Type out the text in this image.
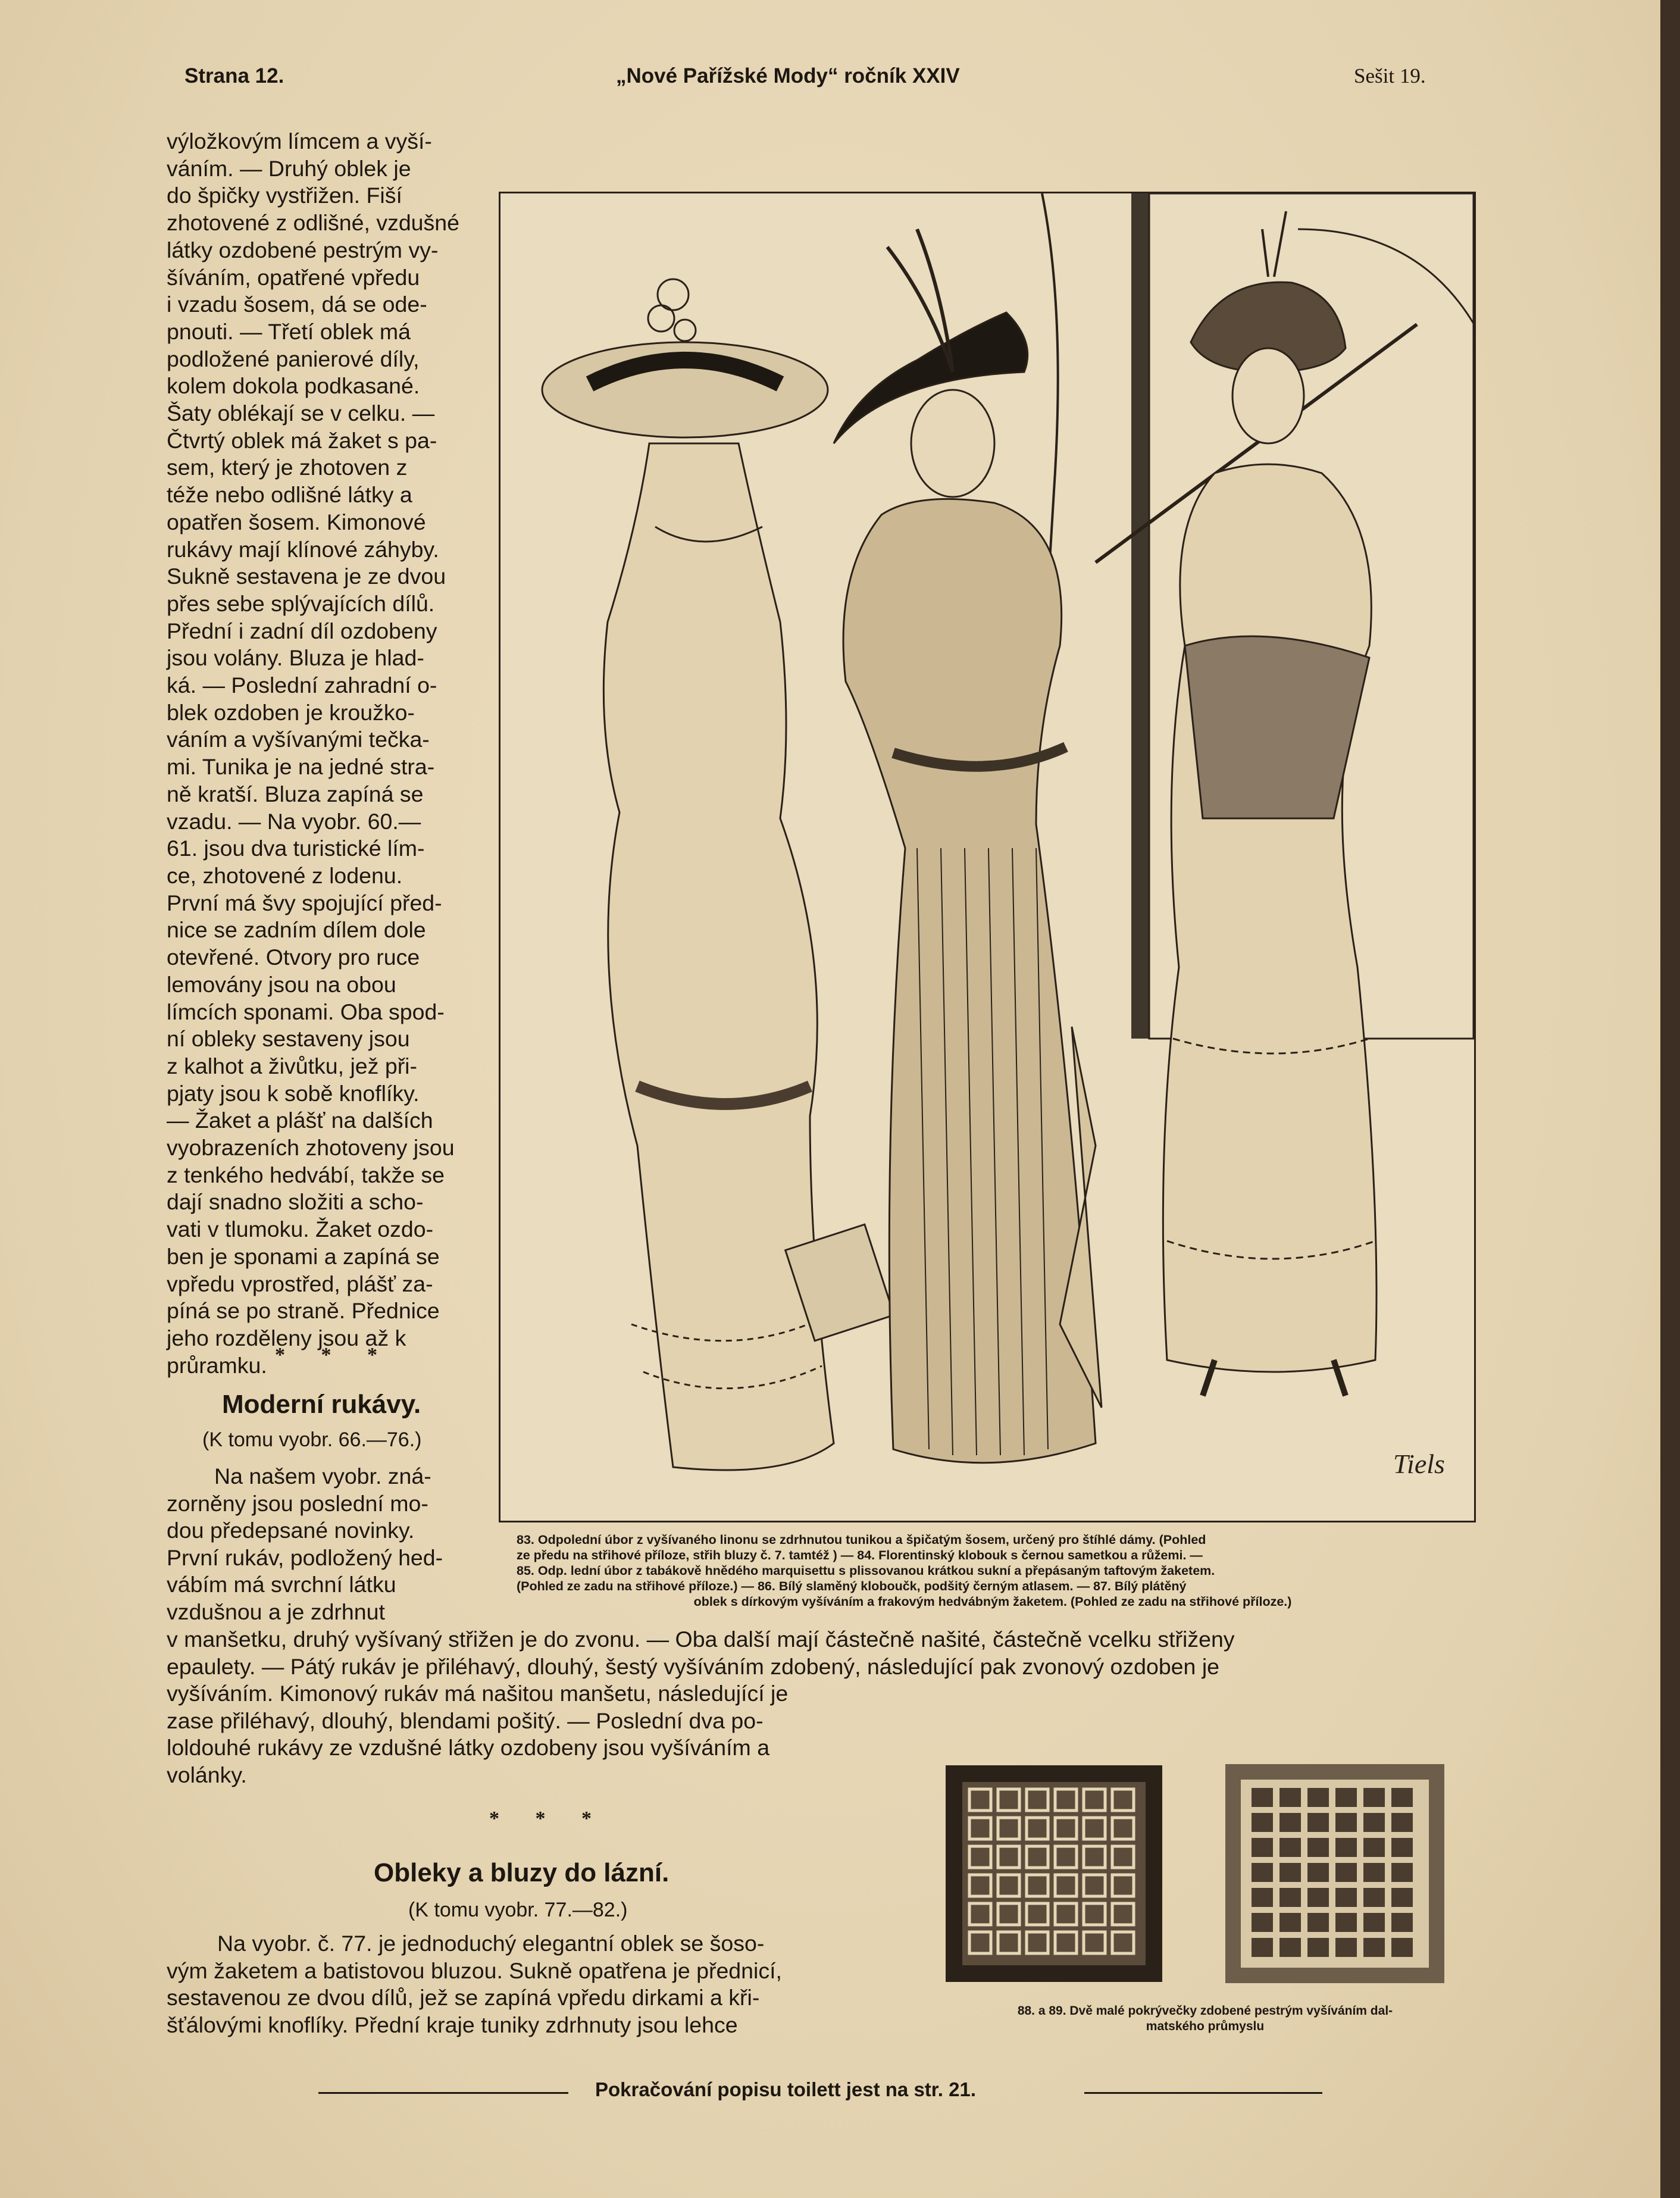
Strana 12.	„Nové Pařížské Mody“ ročník XXIV	Sešit 19.

výložkovým límcem a vyší-

váním. — Druhý oblek je

do špičky vystřižen. Fiší

zhotovené z odlišné, vzdušné

látky ozdobené pestrým vy-

šíváním, opatřené vpředu

i vzadu šosem, dá se ode-

pnouti. — Třetí oblek má

podložené panierové díly,

kolem dokola podkasané.

Šaty oblékají se v celku. —

Čtvrtý oblek má žaket s pa-

sem, který je zhotoven z

téže nebo odlišné látky a

opatřen šosem. Kimonové

rukávy mají klínové záhyby.

Sukně sestavena je ze dvou

přes sebe splývajících dílů.

Přední i zadní díl ozdobeny

jsou volány. Bluza je hlad-

ká. — Poslední zahradní o-

blek ozdoben je kroužko-

váním a vyšívanými tečka-

mi. Tunika je na jedné stra-

ně kratší. Bluza zapíná se

vzadu. — Na vyobr. 60.—

61. jsou dva turistické lím-

ce, zhotovené z lodenu.

První má švy spojující před-

nice se zadním dílem dole

otevřené. Otvory pro ruce

lemovány jsou na obou

límcích sponami. Oba spod-

ní obleky sestaveny jsou

z kalhot a živůtku, jež při-

pjaty jsou k sobě knoflíky.

— Žaket a plášť na dalších

vyobrazeních zhotoveny jsou

z tenkého hedvábí, takže se

dají snadno složiti a scho-

vati v tlumoku. Žaket ozdo-

ben je sponami a zapíná se

vpředu vprostřed, plášť za-

píná se po straně. Přednice

jeho rozděleny jsou až k

průramku. * * *
Moderní rukávy.
(K tomu vyobr. 66.—76.)

Na našem vyobr. zná-

zorněny jsou poslední mo-

dou předepsané novinky.

První rukáv, podložený hed-

vábím má svrchní látku

vzdušnou a je zdrhnut

v manšetku, druhý vyšívaný střižen je do zvonu. — Oba další mají částečně našité, částečně vcelku střiženy

epaulety. — Pátý rukáv je přiléhavý, dlouhý, šestý vyšíváním zdobený, následující pak zvonový ozdoben je

vyšíváním. Kimonový rukáv má našitou manšetu, následující je

zase přiléhavý, dlouhý, blendami pošitý. — Poslední dva po-

loldouhé rukávy ze vzdušné látky ozdobeny jsou vyšíváním a

volánky.

* * *
Obleky a bluzy do lázní.
(K tomu vyobr. 77.—82.)

Na vyobr. č. 77. je jednoduchý elegantní oblek se šoso-

vým žaketem a batistovou bluzou. Sukně opatřena je přednicí,

sestavenou ze dvou dílů, jež se zapíná vpředu dirkami a kři-

šťálovými knoflíky. Přední kraje tuniky zdrhnuty jsou lehce

Tiels
83. Odpolední úbor z vyšívaného linonu se zdrhnutou tunikou a špičatým šosem, určený pro štíhlé dámy. (Pohled
ze předu na střihové příloze, střih bluzy č. 7. tamtéž ) — 84. Florentinský klobouk s černou sametkou a růžemi. —
85. Odp. lední úbor z tabákově hnědého marquisettu s plissovanou krátkou sukní a přepásaným taftovým žaketem.
(Pohled ze zadu na střihové příloze.) — 86. Bílý slaměný kloboučk, podšitý černým atlasem. — 87. Bílý plátěný
oblek s dírkovým vyšíváním a frakovým hedvábným žaketem. (Pohled ze zadu na střihové příloze.)
88. a 89. Dvě malé pokrývečky zdobené pestrým vyšíváním dal-
matského průmyslu
Pokračování popisu toilett jest na str. 21.
